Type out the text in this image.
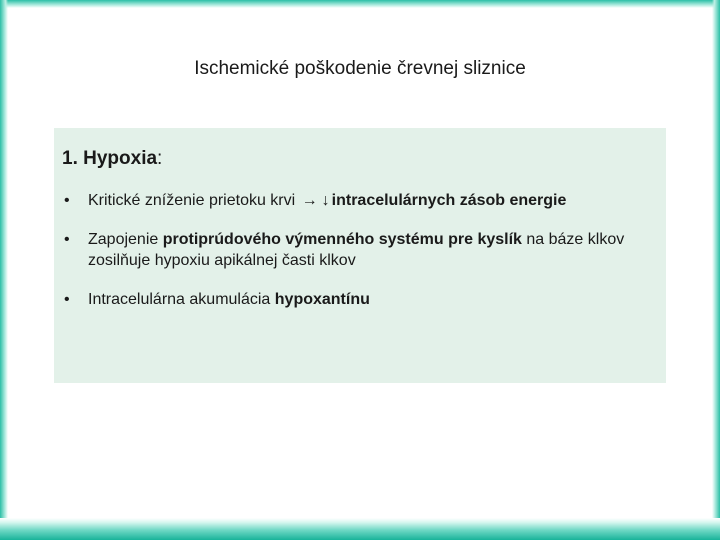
Ischemické poškodenie črevnej sliznice
1. Hypoxia:
• Kritické zníženie prietoku krvi → ↓ intracelulárnych zásob energie
• Zapojenie protiprúdového výmenného systému pre kyslík na báze klkov zosilňuje hypoxiu apikálnej časti klkov
• Intracelulárna akumulácia hypoxantínu
